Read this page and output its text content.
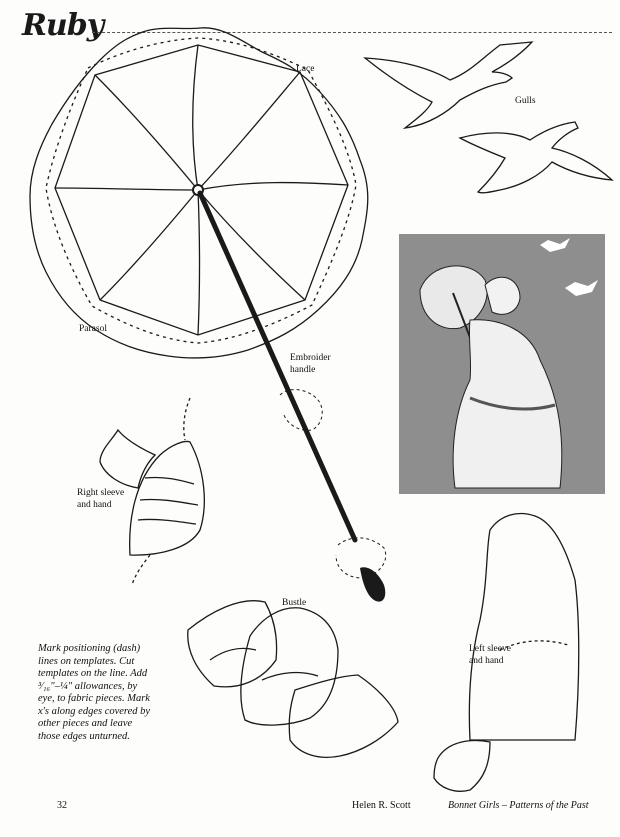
Ruby
Lace
Gulls
Parasol
Embroider
handle
Right sleeve
and hand
Bustle
Left sleeve
and hand
Mark positioning (dash)
lines on templates. Cut
templates on the line. Add
³⁄₁₆"–¼" allowances, by
eye, to fabric pieces. Mark
x's along edges covered by
other pieces and leave
those edges unturned.
32	Helen R. Scott	Bonnet Girls – Patterns of the Past
